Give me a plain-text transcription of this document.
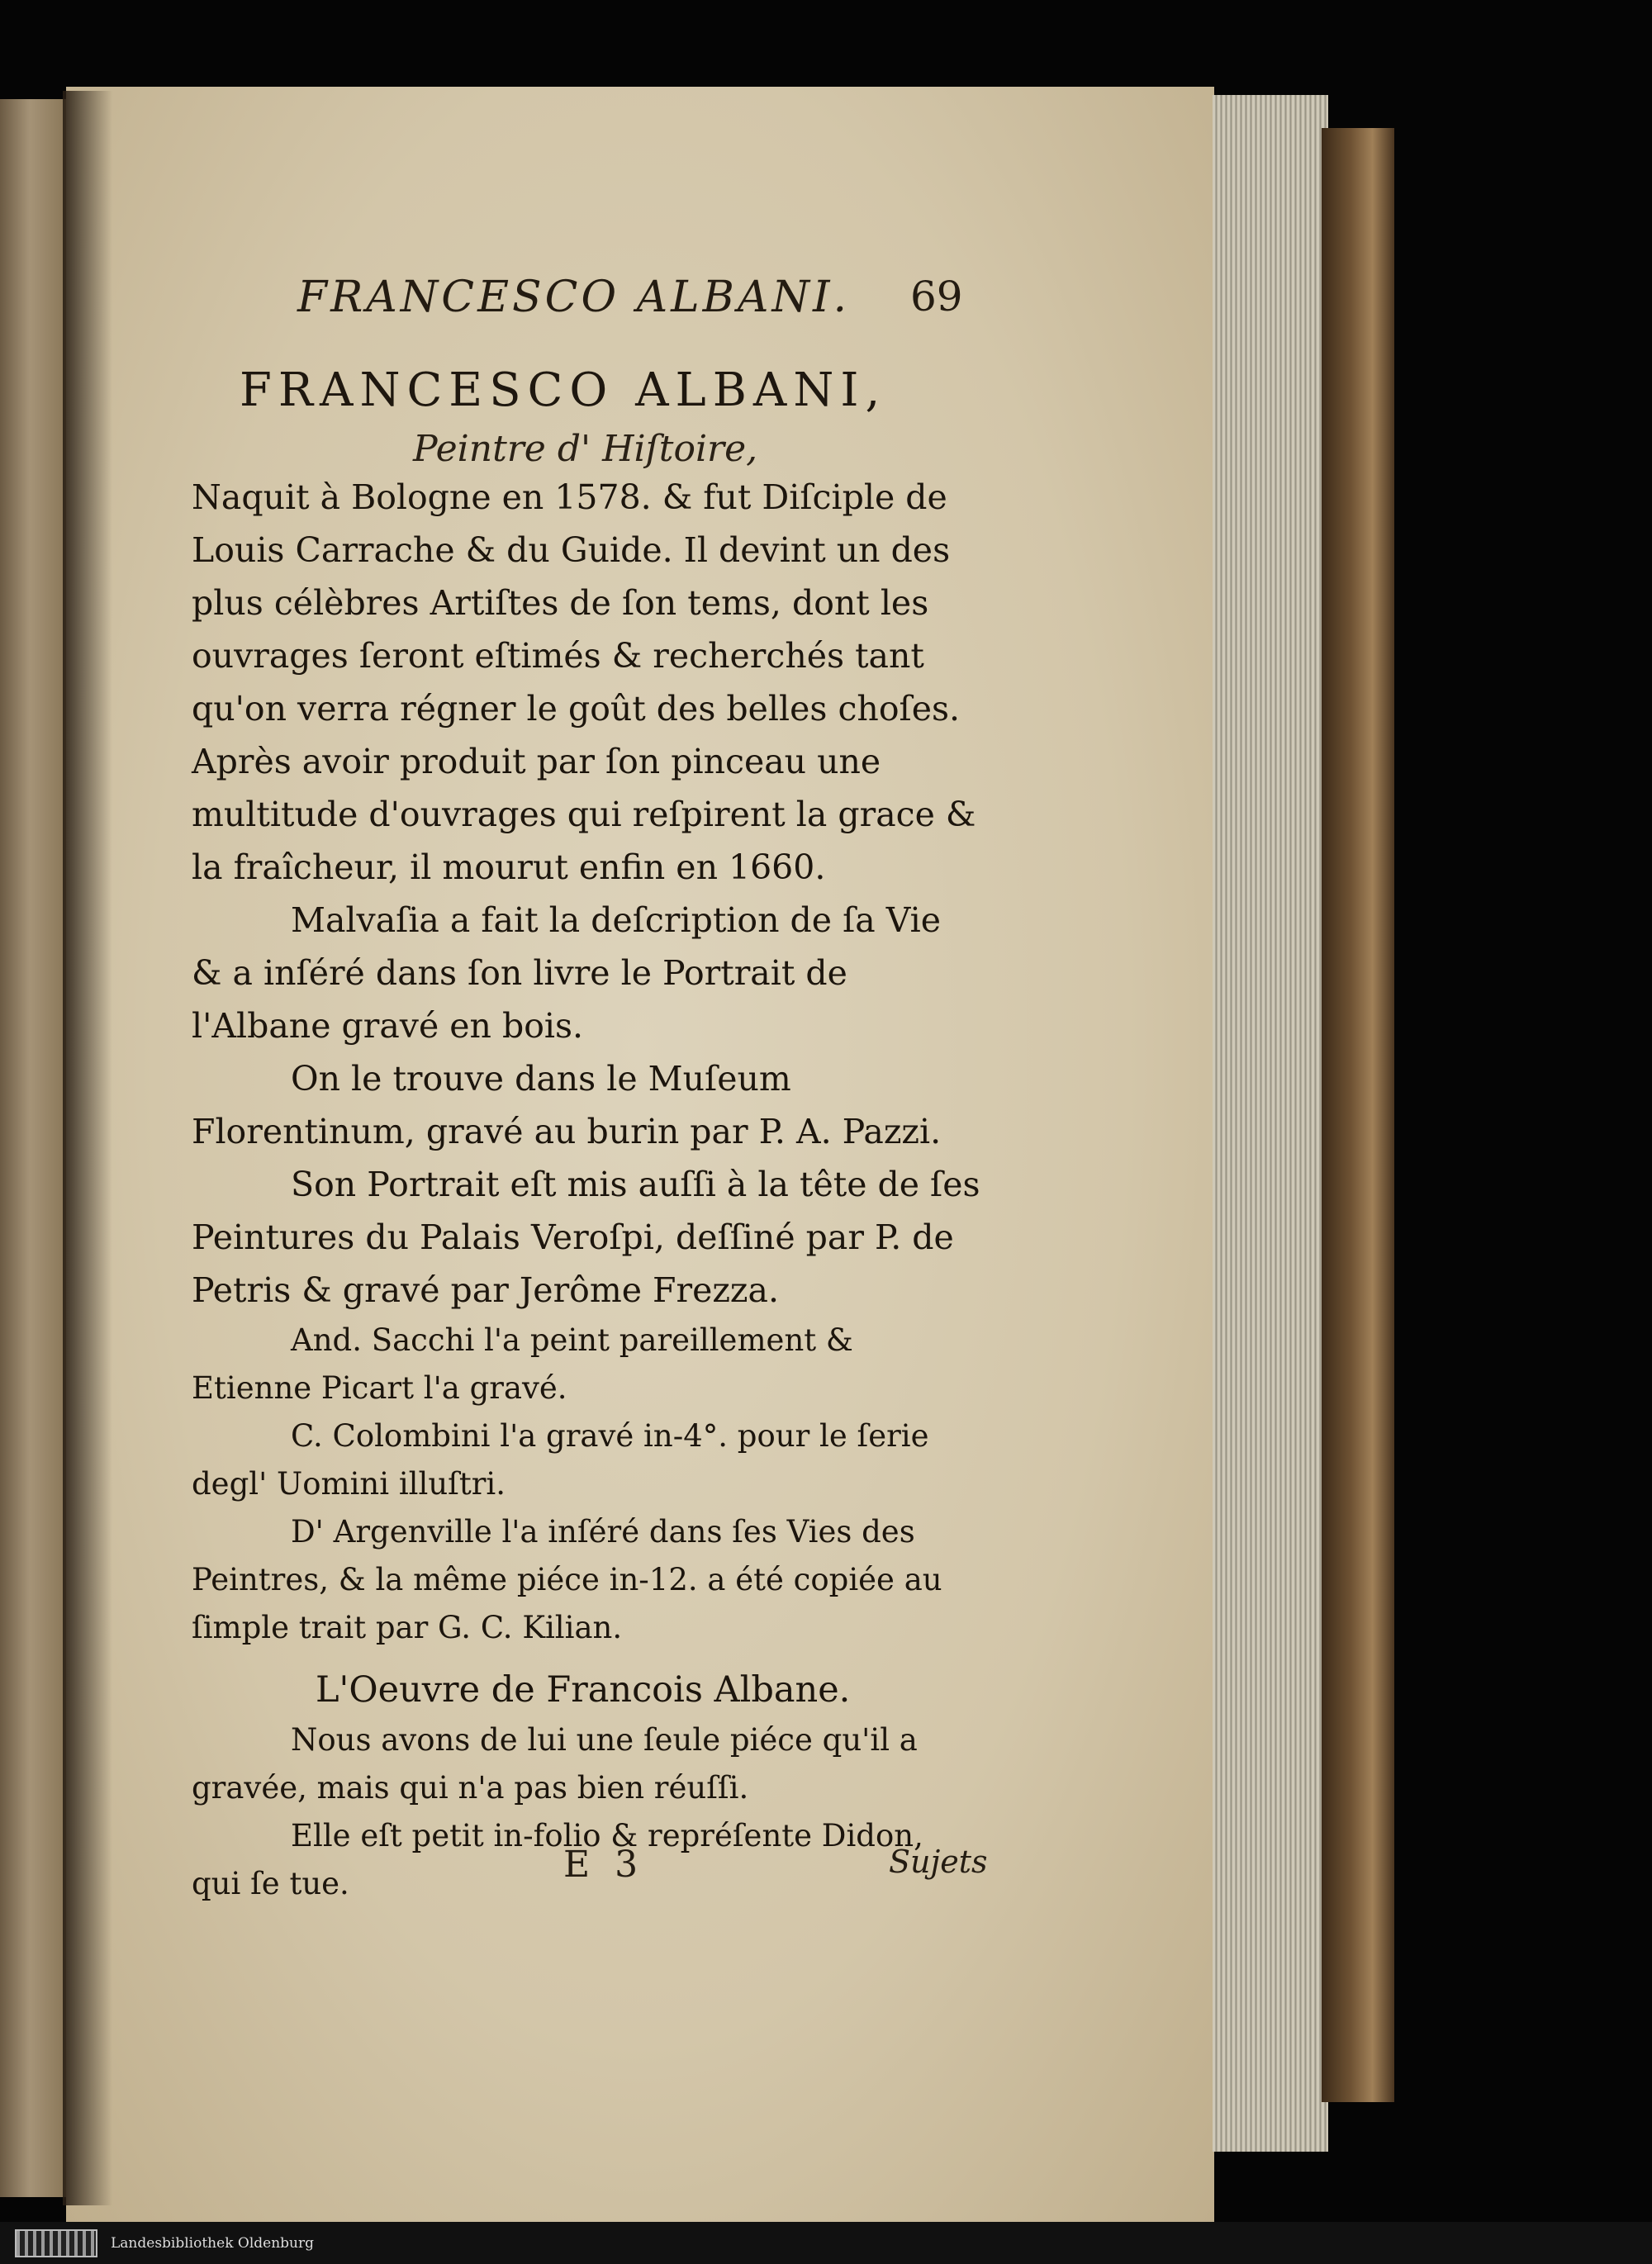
FRANCESCO ALBANI.	69
FRANCESCO ALBANI,
Peintre d' Hiſtoire,

Naquit à Bologne en 1578. & fut Diſciple de Louis Carrache & du Guide. Il devint un des plus célèbres Artiſtes de ſon tems, dont les ouvrages ſeront eſtimés & recherchés tant qu'on verra régner le goût des belles choſes. Après avoir produit par ſon pinceau une multitude d'ouvrages qui reſpirent la grace & la fraîcheur, il mourut enfin en 1660.

Malvaſia a fait la deſcription de ſa Vie & a inſéré dans ſon livre le Portrait de l'Albane gravé en bois.

On le trouve dans le Muſeum Florentinum, gravé au burin par P. A. Pazzi.

Son Portrait eſt mis auſſi à la tête de ſes Peintures du Palais Veroſpi, deſſiné par P. de Petris & gravé par Jerôme Frezza.

And. Sacchi l'a peint pareillement & Etienne Picart l'a gravé.

C. Colombini l'a gravé in-4°. pour le ſerie degl' Uomini illuſtri.

D' Argenville l'a inſéré dans ſes Vies des Peintres, & la même piéce in-12. a été copiée au ſimple trait par G. C. Kilian.

L'Oeuvre de Francois Albane.

Nous avons de lui une ſeule piéce qu'il a gravée, mais qui n'a pas bien réuſſi.

Elle eſt petit in-folio & repréſente Didon, qui ſe tue.	E 3	Sujets
Landesbibliothek Oldenburg
